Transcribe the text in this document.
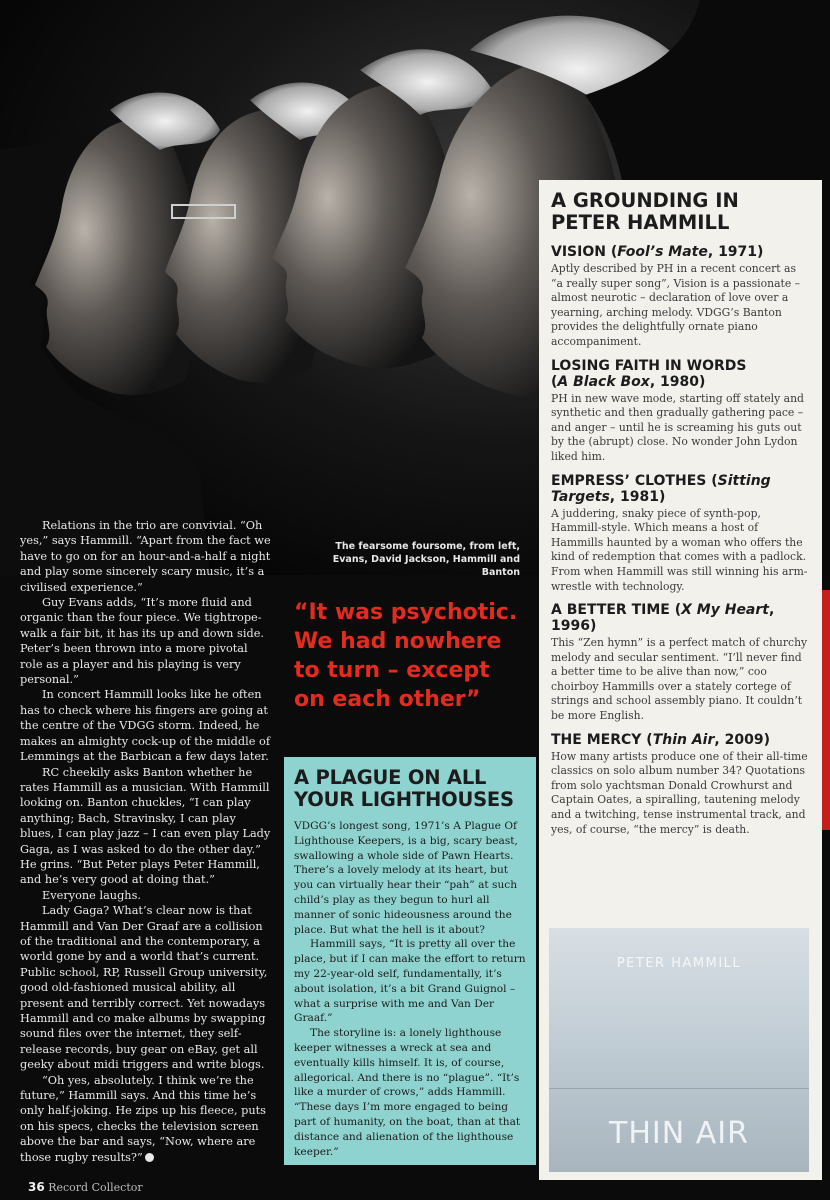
The fearsome foursome, from left, Evans, David Jackson, Hammill and Banton

Relations in the trio are convivial. “Oh yes,” says Hammill. “Apart from the fact we have to go on for an hour-and-a-half a night and play some sincerely scary music, it’s a civilised experience.”

Guy Evans adds, “It’s more fluid and organic than the four piece. We tightrope-walk a fair bit, it has its up and down side. Peter’s been thrown into a more pivotal role as a player and his playing is very personal.”

In concert Hammill looks like he often has to check where his fingers are going at the centre of the VDGG storm. Indeed, he makes an almighty cock-up of the middle of Lemmings at the Barbican a few days later.

RC cheekily asks Banton whether he rates Hammill as a musician. With Hammill looking on. Banton chuckles, “I can play anything; Bach, Stravinsky, I can play blues, I can play jazz – I can even play Lady Gaga, as I was asked to do the other day.” He grins. “But Peter plays Peter Hammill, and he’s very good at doing that.”

Everyone laughs.

Lady Gaga? What’s clear now is that Hammill and Van Der Graaf are a collision of the traditional and the contemporary, a world gone by and a world that’s current. Public school, RP, Russell Group university, good old-fashioned musical ability, all present and terribly correct. Yet nowadays Hammill and co make albums by swapping sound files over the internet, they self-release records, buy gear on eBay, get all geeky about midi triggers and write blogs.

“Oh yes, absolutely. I think we’re the future,” Hammill says. And this time he’s only half-joking. He zips up his fleece, puts on his specs, checks the television screen above the bar and says, “Now, where are those rugby results?”

“It was psychotic. We had nowhere to turn – except on each other”
A PLAGUE ON ALL YOUR LIGHTHOUSES

VDGG’s longest song, 1971’s A Plague Of Lighthouse Keepers, is a big, scary beast, swallowing a whole side of Pawn Hearts. There’s a lovely melody at its heart, but you can virtually hear their “pah” at such child’s play as they begun to hurl all manner of sonic hideousness around the place. But what the hell is it about?

Hammill says, “It is pretty all over the place, but if I can make the effort to return my 22-year-old self, fundamentally, it’s about isolation, it’s a bit Grand Guignol –what a surprise with me and Van Der Graaf.”

The storyline is: a lonely lighthouse keeper witnesses a wreck at sea and eventually kills himself. It is, of course, allegorical. And there is no “plague”. “It’s like a murder of crows,” adds Hammill. “These days I’m more engaged to being part of humanity, on the boat, than at that distance and alienation of the lighthouse keeper.”

A GROUNDING IN PETER HAMMILL
VISION (Fool’s Mate, 1971)

Aptly described by PH in a recent concert as “a really super song”, Vision is a passionate – almost neurotic – declaration of love over a yearning, arching melody. VDGG’s Banton provides the delightfully ornate piano accompaniment.

LOSING FAITH IN WORDS
(A Black Box, 1980)

PH in new wave mode, starting off stately and synthetic and then gradually gathering pace – and anger – until he is screaming his guts out by the (abrupt) close. No wonder John Lydon liked him.

EMPRESS’ CLOTHES (Sitting Targets, 1981)

A juddering, snaky piece of synth-pop, Hammill-style. Which means a host of Hammills haunted by a woman who offers the kind of redemption that comes with a padlock. From when Hammill was still winning his arm-wrestle with technology.

A BETTER TIME (X My Heart, 1996)

This “Zen hymn” is a perfect match of churchy melody and secular sentiment. “I’ll never find a better time to be alive than now,” coo choirboy Hammills over a stately cortege of strings and school assembly piano. It couldn’t be more English.

THE MERCY (Thin Air, 2009)

How many artists produce one of their all-time classics on solo album number 34? Quotations from solo yachtsman Donald Crowhurst and Captain Oates, a spiralling, tautening melody and a twitching, tense instrumental track, and yes, of course, “the mercy” is death.

PETER HAMMILL
THIN AIR
36 Record Collector
